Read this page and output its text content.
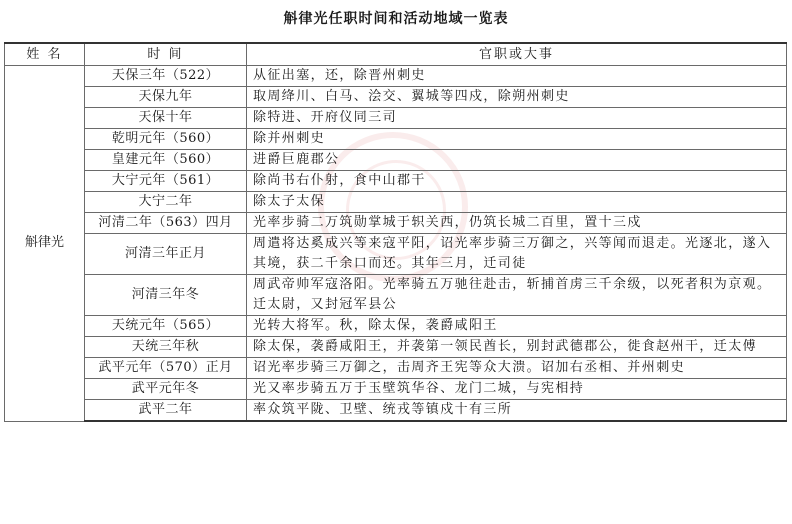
斛律光任职时间和活动地域一览表
姓 名	时 间	官职或大事
斛律光	天保三年（522）	从征出塞，还，除晋州刺史
	天保九年	取周绛川、白马、浍交、翼城等四戍，除朔州刺史
	天保十年	除特进、开府仪同三司
	乾明元年（560）	除并州刺史
	皇建元年（560）	进爵巨鹿郡公
	大宁元年（561）	除尚书右仆射，食中山郡干
	大宁二年	除太子太保
	河清二年（563）四月	光率步骑二万筑勋掌城于轵关西，仍筑长城二百里，置十三戍
	河清三年正月	周遣将达奚成兴等来寇平阳，诏光率步骑三万御之，兴等闻而退走。光逐北，遂入其境，获二千余口而还。其年三月，迁司徒
	河清三年冬	周武帝帅军寇洛阳。光率骑五万驰往赴击，斩捕首虏三千余级，以死者积为京观。迁太尉，又封冠军县公
	天统元年（565）	光转大将军。秋，除太保，袭爵咸阳王
	天统三年秋	除太保，袭爵咸阳王，并袭第一领民酋长，别封武德郡公，徙食赵州干，迁太傅
	武平元年（570）正月	诏光率步骑三万御之，击周齐王宪等众大溃。诏加右丞相、并州刺史
	武平元年冬	光又率步骑五万于玉壁筑华谷、龙门二城，与宪相持
	武平二年	率众筑平陇、卫壁、统戎等镇戍十有三所
